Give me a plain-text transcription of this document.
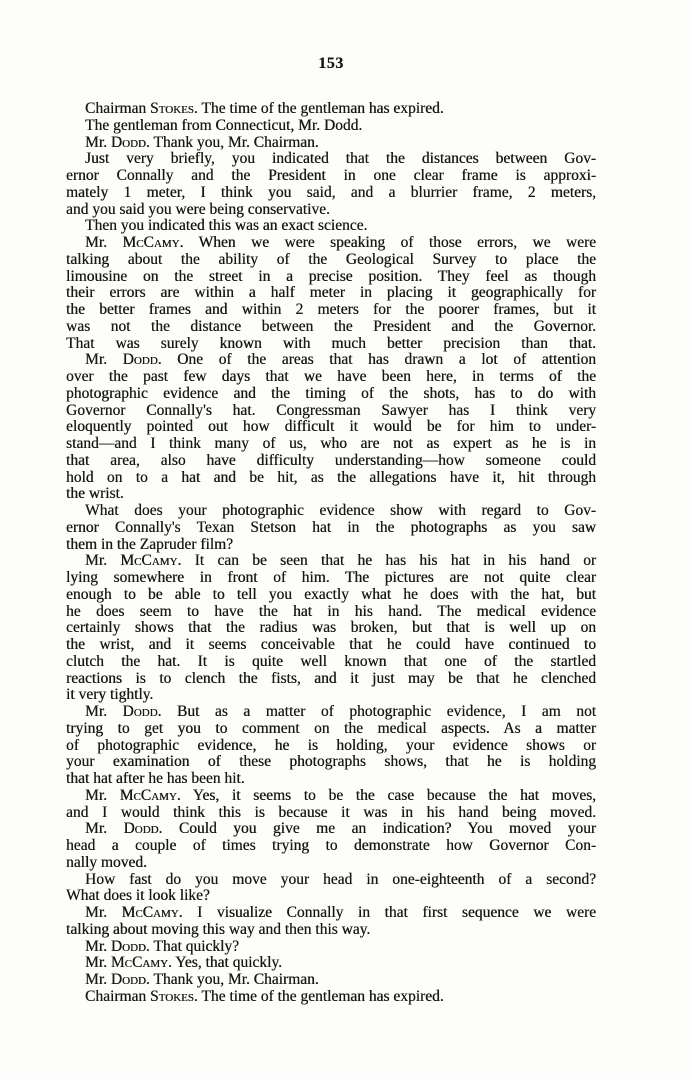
153
Chairman Stokes. The time of the gentleman has expired.
The gentleman from Connecticut, Mr. Dodd.
Mr. Dodd. Thank you, Mr. Chairman.
Just very briefly, you indicated that the distances between Gov-
ernor Connally and the President in one clear frame is approxi-
mately 1 meter, I think you said, and a blurrier frame, 2 meters,
and you said you were being conservative.
Then you indicated this was an exact science.
Mr. McCamy. When we were speaking of those errors, we were
talking about the ability of the Geological Survey to place the
limousine on the street in a precise position. They feel as though
their errors are within a half meter in placing it geographically for
the better frames and within 2 meters for the poorer frames, but it
was not the distance between the President and the Governor.
That was surely known with much better precision than that.
Mr. Dodd. One of the areas that has drawn a lot of attention
over the past few days that we have been here, in terms of the
photographic evidence and the timing of the shots, has to do with
Governor Connally's hat. Congressman Sawyer has I think very
eloquently pointed out how difficult it would be for him to under-
stand—and I think many of us, who are not as expert as he is in
that area, also have difficulty understanding—how someone could
hold on to a hat and be hit, as the allegations have it, hit through
the wrist.
What does your photographic evidence show with regard to Gov-
ernor Connally's Texan Stetson hat in the photographs as you saw
them in the Zapruder film?
Mr. McCamy. It can be seen that he has his hat in his hand or
lying somewhere in front of him. The pictures are not quite clear
enough to be able to tell you exactly what he does with the hat, but
he does seem to have the hat in his hand. The medical evidence
certainly shows that the radius was broken, but that is well up on
the wrist, and it seems conceivable that he could have continued to
clutch the hat. It is quite well known that one of the startled
reactions is to clench the fists, and it just may be that he clenched
it very tightly.
Mr. Dodd. But as a matter of photographic evidence, I am not
trying to get you to comment on the medical aspects. As a matter
of photographic evidence, he is holding, your evidence shows or
your examination of these photographs shows, that he is holding
that hat after he has been hit.
Mr. McCamy. Yes, it seems to be the case because the hat moves,
and I would think this is because it was in his hand being moved.
Mr. Dodd. Could you give me an indication? You moved your
head a couple of times trying to demonstrate how Governor Con-
nally moved.
How fast do you move your head in one-eighteenth of a second?
What does it look like?
Mr. McCamy. I visualize Connally in that first sequence we were
talking about moving this way and then this way.
Mr. Dodd. That quickly?
Mr. McCamy. Yes, that quickly.
Mr. Dodd. Thank you, Mr. Chairman.
Chairman Stokes. The time of the gentleman has expired.
